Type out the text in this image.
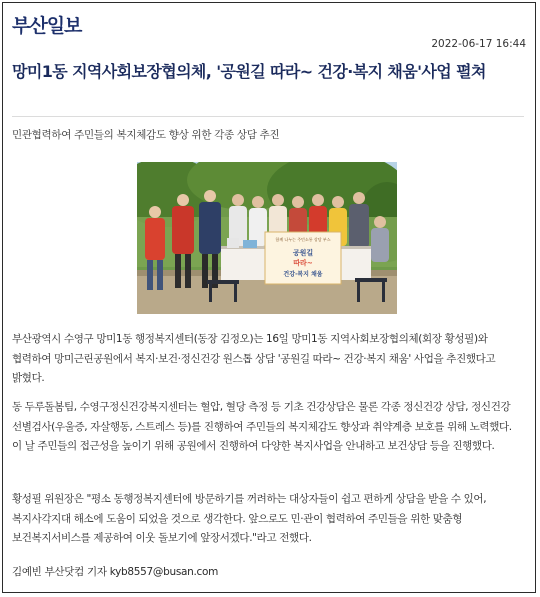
부산일보
2022-06-17 16:44
망미1동 지역사회보장협의체, '공원길 따라~ 건강·복지 채움'사업 펼쳐
민관협력하여 주민들의 복지체감도 향상 위한 각종 상담 추진
함께 나누는 주민소통 상담 부스
공원길
따라~
건강·복지 채움
부산광역시 수영구 망미1동 행정복지센터(동장 김정오)는 16일 망미1동 지역사회보장협의체(회장 황성필)와 협력하여 망미근린공원에서 복지·보건·정신건강 원스톱 상담 '공원길 따라~ 건강·복지 채움' 사업을 추진했다고 밝혔다.
동 두루돌봄팀, 수영구정신건강복지센터는 혈압, 혈당 측정 등 기초 건강상담은 물론 각종 정신건강 상담, 정신건강 선별검사(우울증, 자살행동, 스트레스 등)를 진행하여 주민들의 복지체감도 향상과 취약계층 보호를 위해 노력했다. 이 날 주민들의 접근성을 높이기 위해 공원에서 진행하여 다양한 복지사업을 안내하고 보건상담 등을 진행했다.
황성필 위원장은 "평소 동행정복지센터에 방문하기를 꺼려하는 대상자들이 쉽고 편하게 상담을 받을 수 있어, 복지사각지대 해소에 도움이 되었을 것으로 생각한다. 앞으로도 민·관이 협력하여 주민들을 위한 맞춤형 보건복지서비스를 제공하여 이웃 돌보기에 앞장서겠다."라고 전했다.
김예빈 부산닷컴 기자 kyb8557@busan.com
